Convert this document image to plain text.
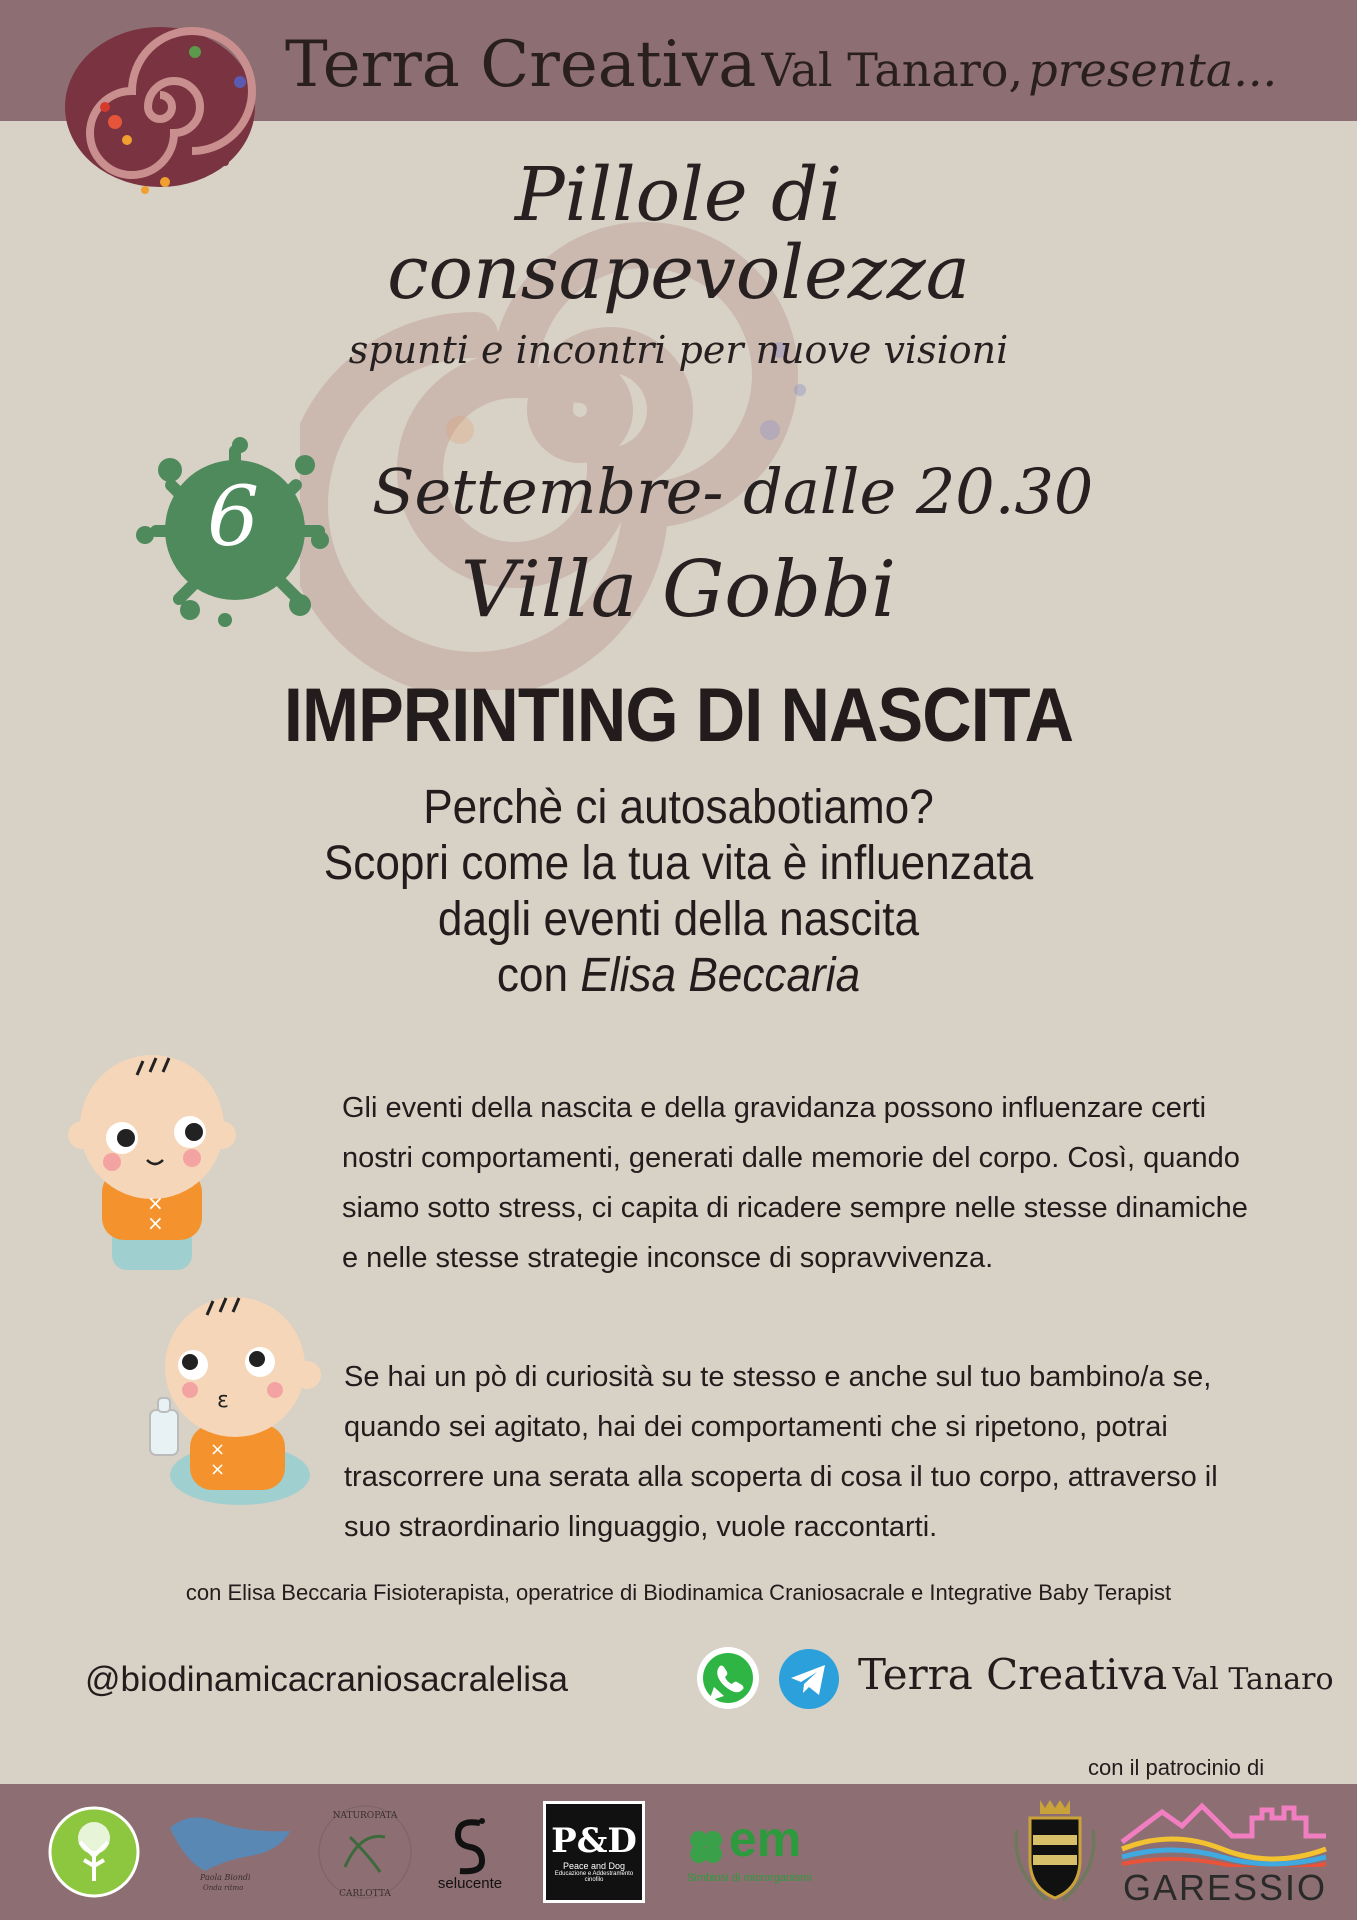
Terra Creativa Val Tanaro, presenta...
Pillole di
consapevolezza
spunti e incontri per nuove visioni
6 Settembre- dalle 20.30
Villa Gobbi
IMPRINTING DI NASCITA
Perchè ci autosabotiamo?
Scopri come la tua vita è influenzata
dagli eventi della nascita
con Elisa Beccaria
×
×
ε
×
×
Gli eventi della nascita e della gravidanza possono influenzare certi nostri comportamenti, generati dalle memorie del corpo. Così, quando siamo sotto stress, ci capita di ricadere sempre nelle stesse dinamiche e nelle stesse strategie inconsce di sopravvivenza.
Se hai un pò di curiosità su te stesso e anche sul tuo bambino/a se, quando sei agitato, hai dei comportamenti che si ripetono, potrai trascorrere una serata alla scoperta di cosa il tuo corpo, attraverso il suo straordinario linguaggio, vuole raccontarti.
con Elisa Beccaria Fisioterapista, operatrice di Biodinamica Craniosacrale e Integrative Baby Terapist
@biodinamicacraniosacralelisa	Terra Creativa Val Tanaro
con il patrocinio di
Paola Biondi
Onda ritmo
NATUROPATA
CARLOTTA
selucente
P&D
Peace and Dog
Educazione e Addestramento cinofilo
em
Simbiosi di microrganismi	GARESSIO
